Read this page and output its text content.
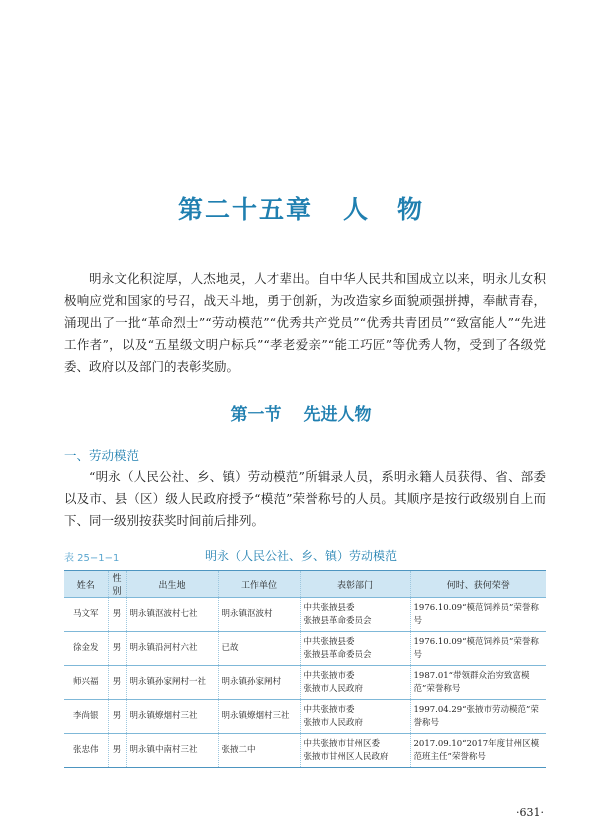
第二十五章 人　物

明永文化积淀厚，人杰地灵，人才辈出。自中华人民共和国成立以来，明永儿女积极响应党和国家的号召，战天斗地，勇于创新，为改造家乡面貌顽强拼搏，奉献青春，涌现出了一批“革命烈士”“劳动模范”“优秀共产党员”“优秀共青团员”“致富能人”“先进工作者”，以及“五星级文明户标兵”“孝老爱亲”“能工巧匠”等优秀人物，受到了各级党委、政府以及部门的表彰奖励。

第一节 先进人物
一、劳动模范

“明永（人民公社、乡、镇）劳动模范”所辑录人员，系明永籍人员获得、省、部委以及市、县（区）级人民政府授予“模范”荣誉称号的人员。其顺序是按行政级别自上而下、同一级别按获奖时间前后排列。

表 25−1−1	明永（人民公社、乡、镇）劳动模范
姓名	性别	出生地	工作单位	表彰部门	何时、获何荣誉
马文军	男	明永镇沤波村七社	明永镇沤波村	中共张掖县委
张掖县革命委员会	1976.10.09“模范饲养员”荣誉称号
徐金发	男	明永镇沿河村六社	已故	中共张掖县委
张掖县革命委员会	1976.10.09“模范饲养员”荣誉称号
师兴福	男	明永镇孙家闸村一社	明永镇孙家闸村	中共张掖市委
张掖市人民政府	1987.01“带领群众治穷致富模范”荣誉称号
李尚银	男	明永镇燎烟村三社	明永镇燎烟村三社	中共张掖市委
张掖市人民政府	1997.04.29“张掖市劳动模范”荣誉称号
张忠伟	男	明永镇中南村三社	张掖二中	中共张掖市甘州区委
张掖市甘州区人民政府	2017.09.10“2017年度甘州区模范班主任”荣誉称号
·631·
